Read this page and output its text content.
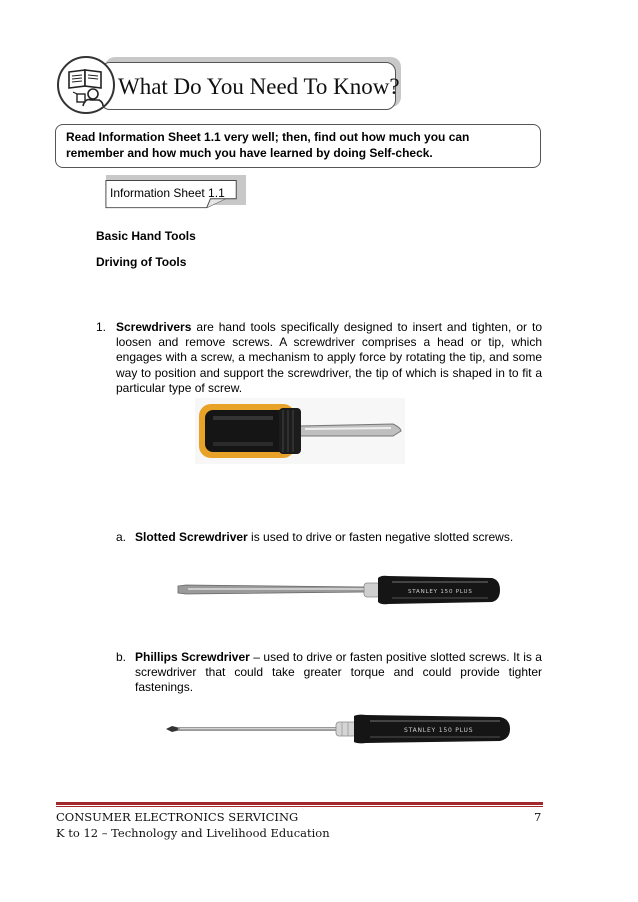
What Do You Need To Know?
Read Information Sheet 1.1 very well; then, find out how much you can remember and how much you have learned by doing Self-check.
Information Sheet 1.1
Basic Hand Tools
Driving of Tools
1. Screwdrivers are hand tools specifically designed to insert and tighten, or to loosen and remove screws. A screwdriver comprises a head or tip, which engages with a screw, a mechanism to apply force by rotating the tip, and some way to position and support the screwdriver, the tip of which is shaped in to fit a particular type of screw.
a. Slotted Screwdriver is used to drive or fasten negative slotted screws.
STANLEY 150 PLUS
b. Phillips Screwdriver – used to drive or fasten positive slotted screws. It is a screwdriver that could take greater torque and could provide tighter fastenings.
STANLEY 150 PLUS
CONSUMER ELECTRONICS SERVICING
K to 12 – Technology and Livelihood Education
7
